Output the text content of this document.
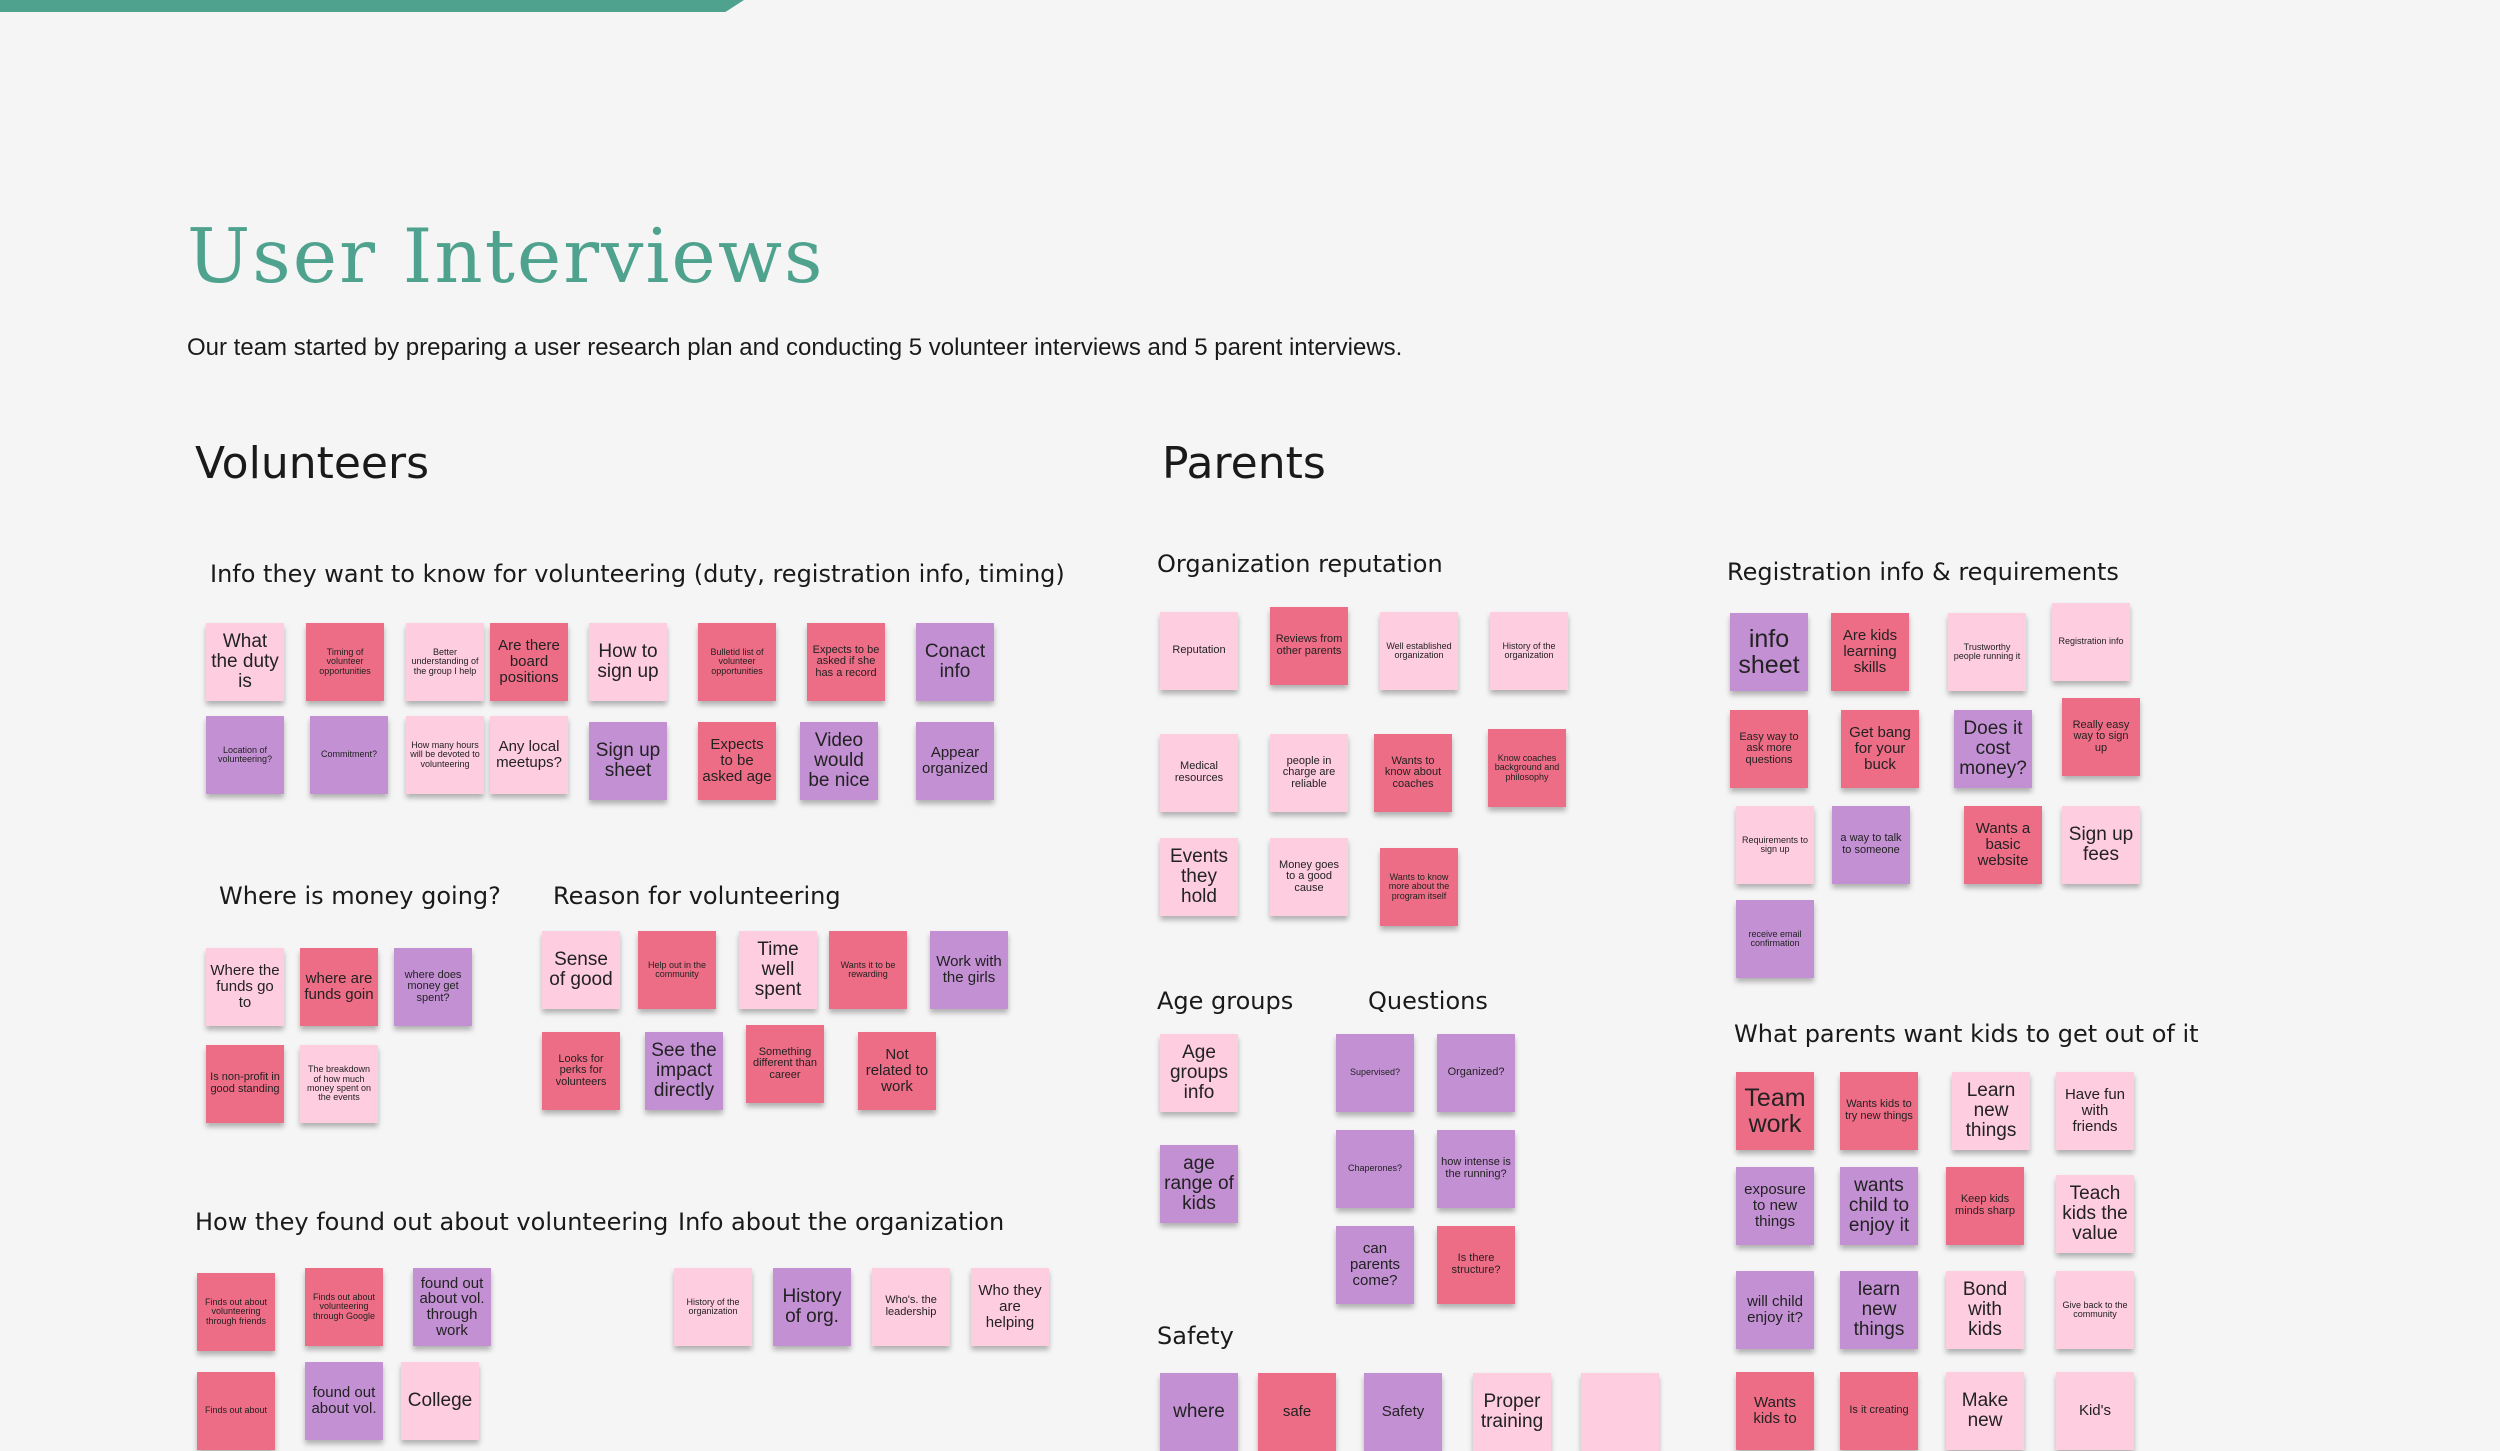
User Interviews

Our team started by preparing a user research plan and conducting 5 volunteer interviews and 5 parent interviews.

Volunteers	Parents
Info they want to know for volunteering (duty, registration info, timing)
Where is money going? Reason for volunteering
How they found out about volunteering Info about the organization
Organization reputation	Registration info & requirements
Age groups	Questions
What parents want kids to get out of it
Safety
What the duty is
Timing of volunteer opportunities
Better understanding of the group I help
Are there board positions
How to sign up
Bulletid list of volunteer opportunities
Expects to be asked if she has a record
Conact info
Location of volunteering?	Commitment?
How many hours will be devoted to volunteering
Any local meetups?
Sign up sheet
Expects to be asked age
Video would be nice
Appear organized
Where the funds go to
where are funds goin
where does money get spent?
Is non-profit in good standing
The breakdown of how much money spent on the events
Sense of good
Help out in the community
Time well spent
Wants it to be rewarding
Work with the girls
Looks for perks for volunteers
See the impact directly
Something different than career
Not related to work
Finds out about volunteering through friends
Finds out about volunteering through Google
found out about vol. through work
Finds out about
found out about vol.	College
History of the organization
History of org.
Who's. the leadership
Who they are helping
Reputation
Reviews from other parents	Well established organization
History of the organization
Medical resources
people in charge are reliable
Wants to know about coaches
Know coaches background and philosophy
Events they hold
Money goes to a good cause
Wants to know more about the program itself
info sheet
Are kids learning skills
Trustworthy people running it
Registration info
Easy way to ask more questions
Get bang for your buck
Does it cost money?
Really easy way to sign up
Requirements to sign up
a way to talk to someone
Wants a basic website
Sign up fees
receive email confirmation
Age groups info
age range of kids
Supervised?	Organized?
Chaperones?	how intense is the running?
can parents come?
Is there structure?
Team work
Wants kids to try new things
Learn new things
Have fun with friends
exposure to new things
wants child to enjoy it
Keep kids minds sharp
Teach kids the value
will child enjoy it?
learn new things
Bond with kids
Give back to the community
Wants kids to	Is it creating	Make new	Kid's
where	safe	Safety	Proper training
